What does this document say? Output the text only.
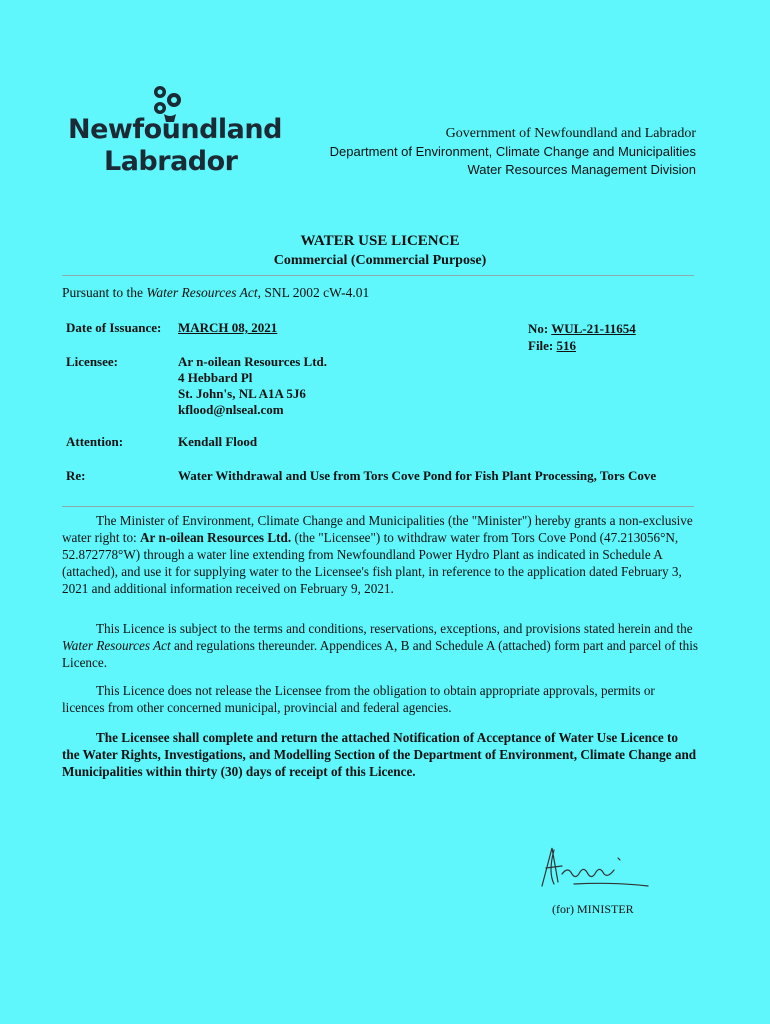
Newfoundland
Labrador
Government of Newfoundland and Labrador
Department of Environment, Climate Change and Municipalities
Water Resources Management Division
WATER USE LICENCE
Commercial (Commercial Purpose)
Pursuant to the Water Resources Act, SNL 2002 cW-4.01
Date of Issuance: MARCH 08, 2021	No: WUL-21-11654
File: 516
Licensee:	Ar n-oilean Resources Ltd.
4 Hebbard Pl
St. John's, NL A1A 5J6
kflood@nlseal.com
Attention:	Kendall Flood
Re:	Water Withdrawal and Use from Tors Cove Pond for Fish Plant Processing, Tors Cove
The Minister of Environment, Climate Change and Municipalities (the "Minister") hereby grants a non-exclusive water right to: Ar n-oilean Resources Ltd. (the "Licensee") to withdraw water from Tors Cove Pond (47.213056°N, 52.872778°W) through a water line extending from Newfoundland Power Hydro Plant as indicated in Schedule A (attached), and use it for supplying water to the Licensee's fish plant, in reference to the application dated February 3, 2021 and additional information received on February 9, 2021.
This Licence is subject to the terms and conditions, reservations, exceptions, and provisions stated herein and the Water Resources Act and regulations thereunder. Appendices A, B and Schedule A (attached) form part and parcel of this Licence.
This Licence does not release the Licensee from the obligation to obtain appropriate approvals, permits or licences from other concerned municipal, provincial and federal agencies.
The Licensee shall complete and return the attached Notification of Acceptance of Water Use Licence to the Water Rights, Investigations, and Modelling Section of the Department of Environment, Climate Change and Municipalities within thirty (30) days of receipt of this Licence.
(for) MINISTER
